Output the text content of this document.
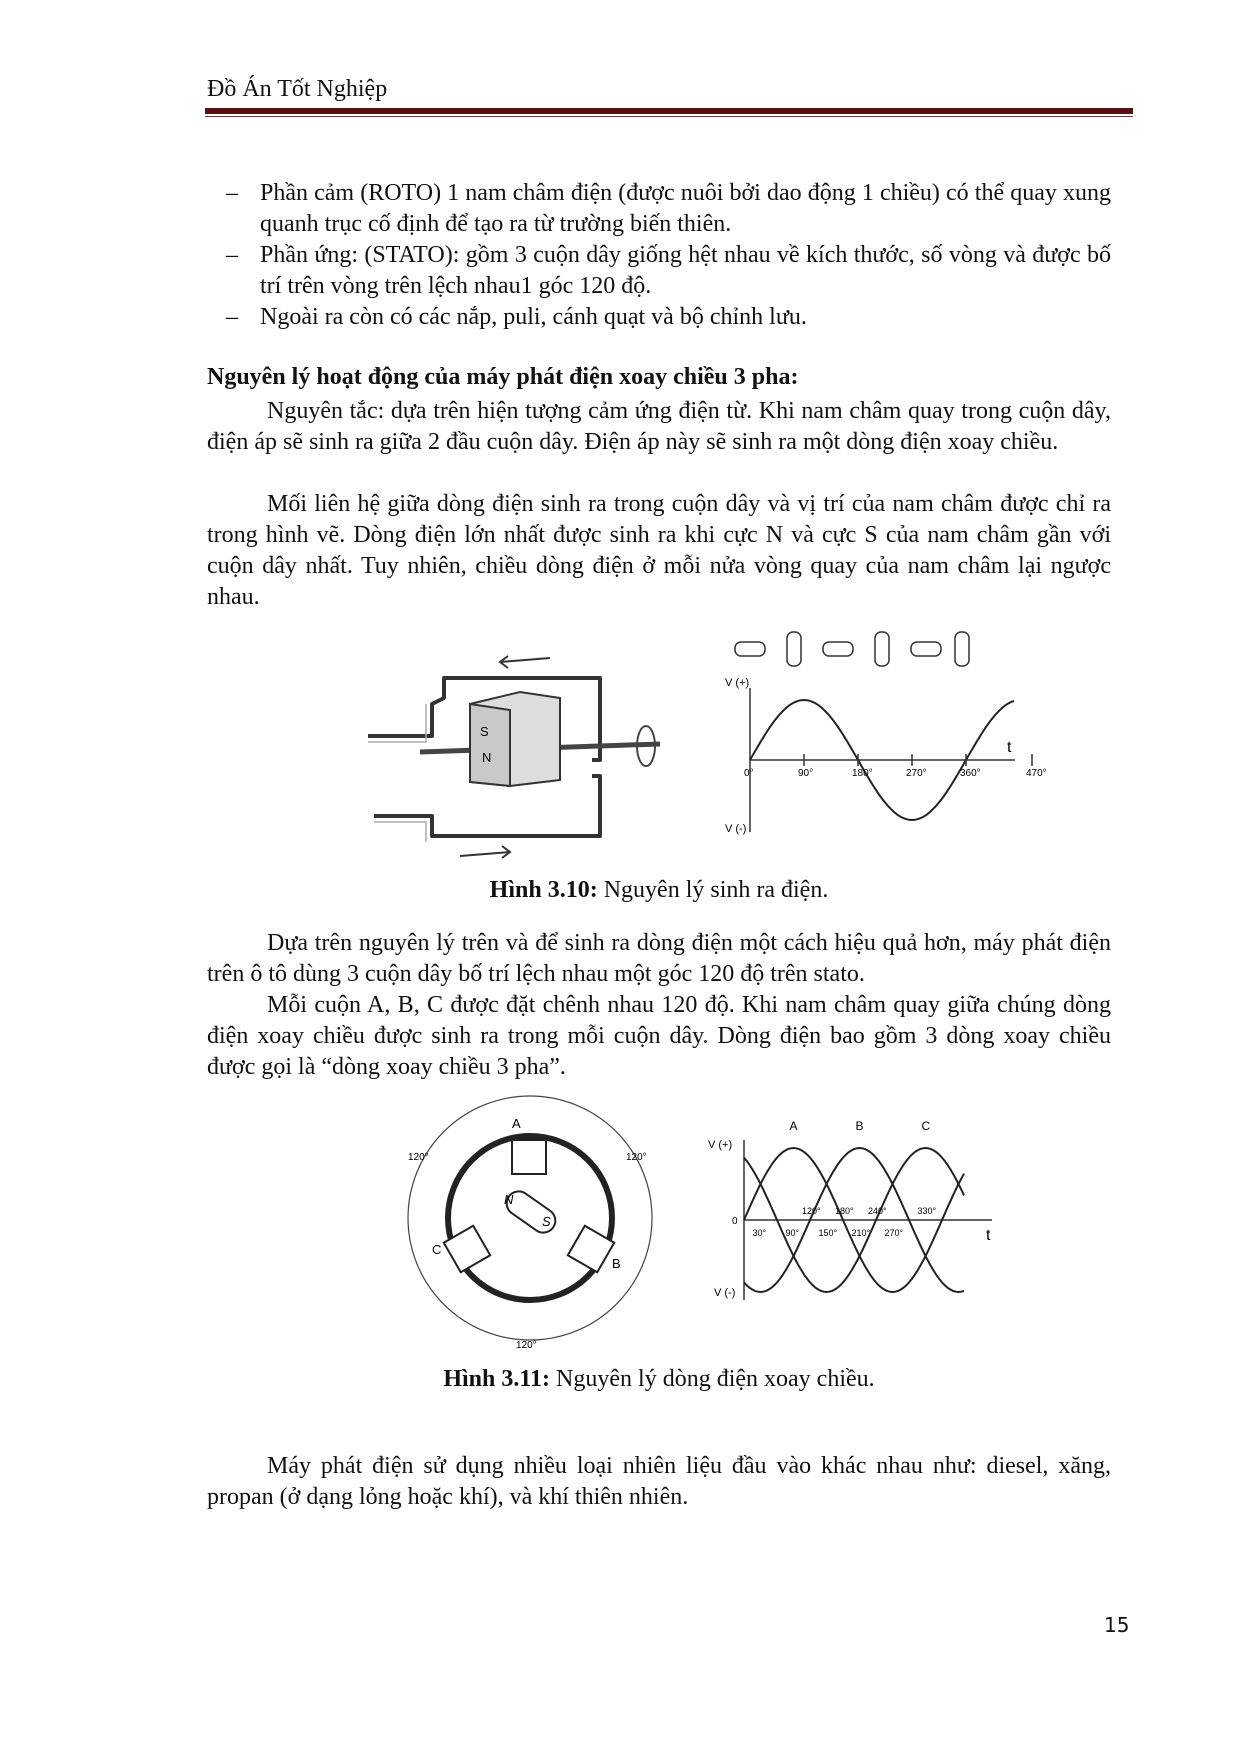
Đồ Án Tốt Nghiệp
– Phần cảm (ROTO) 1 nam châm điện (được nuôi bởi dao động 1 chiều) có thể quay xung quanh trục cố định để tạo ra từ trường biến thiên.
– Phần ứng: (STATO): gồm 3 cuộn dây giống hệt nhau về kích thước, số vòng và được bố trí trên vòng trên lệch nhau1 góc 120 độ.
– Ngoài ra còn có các nắp, puli, cánh quạt và bộ chỉnh lưu.
Nguyên lý hoạt động của máy phát điện xoay chiều 3 pha:

Nguyên tắc: dựa trên hiện tượng cảm ứng điện từ. Khi nam châm quay trong cuộn dây, điện áp sẽ sinh ra giữa 2 đầu cuộn dây. Điện áp này sẽ sinh ra một dòng điện xoay chiều.

Mối liên hệ giữa dòng điện sinh ra trong cuộn dây và vị trí của nam châm được chỉ ra trong hình vẽ. Dòng điện lớn nhất được sinh ra khi cực N và cực S của nam châm gần với cuộn dây nhất. Tuy nhiên, chiều dòng điện ở mỗi nửa vòng quay của nam châm lại ngược nhau.

S
N
V (+)
V (-)
t
0°	90°	180°	270°	360°	470°
Hình 3.10: Nguyên lý sinh ra điện.

Dựa trên nguyên lý trên và để sinh ra dòng điện một cách hiệu quả hơn, máy phát điện trên ô tô dùng 3 cuộn dây bố trí lệch nhau một góc 120 độ trên stato.

Mỗi cuộn A, B, C được đặt chênh nhau 120 độ. Khi nam châm quay giữa chúng dòng điện xoay chiều được sinh ra trong mỗi cuộn dây. Dòng điện bao gồm 3 dòng xoay chiều được gọi là “dòng xoay chiều 3 pha”.

N
S
A
C
B
120°	120°
120°
V (+)
V (-)
0
t
A	B	C
120° 180° 240°	330°
30° 90° 150° 210° 270°
Hình 3.11: Nguyên lý dòng điện xoay chiều.

Máy phát điện sử dụng nhiều loại nhiên liệu đầu vào khác nhau như: diesel, xăng, propan (ở dạng lỏng hoặc khí), và khí thiên nhiên.

15
